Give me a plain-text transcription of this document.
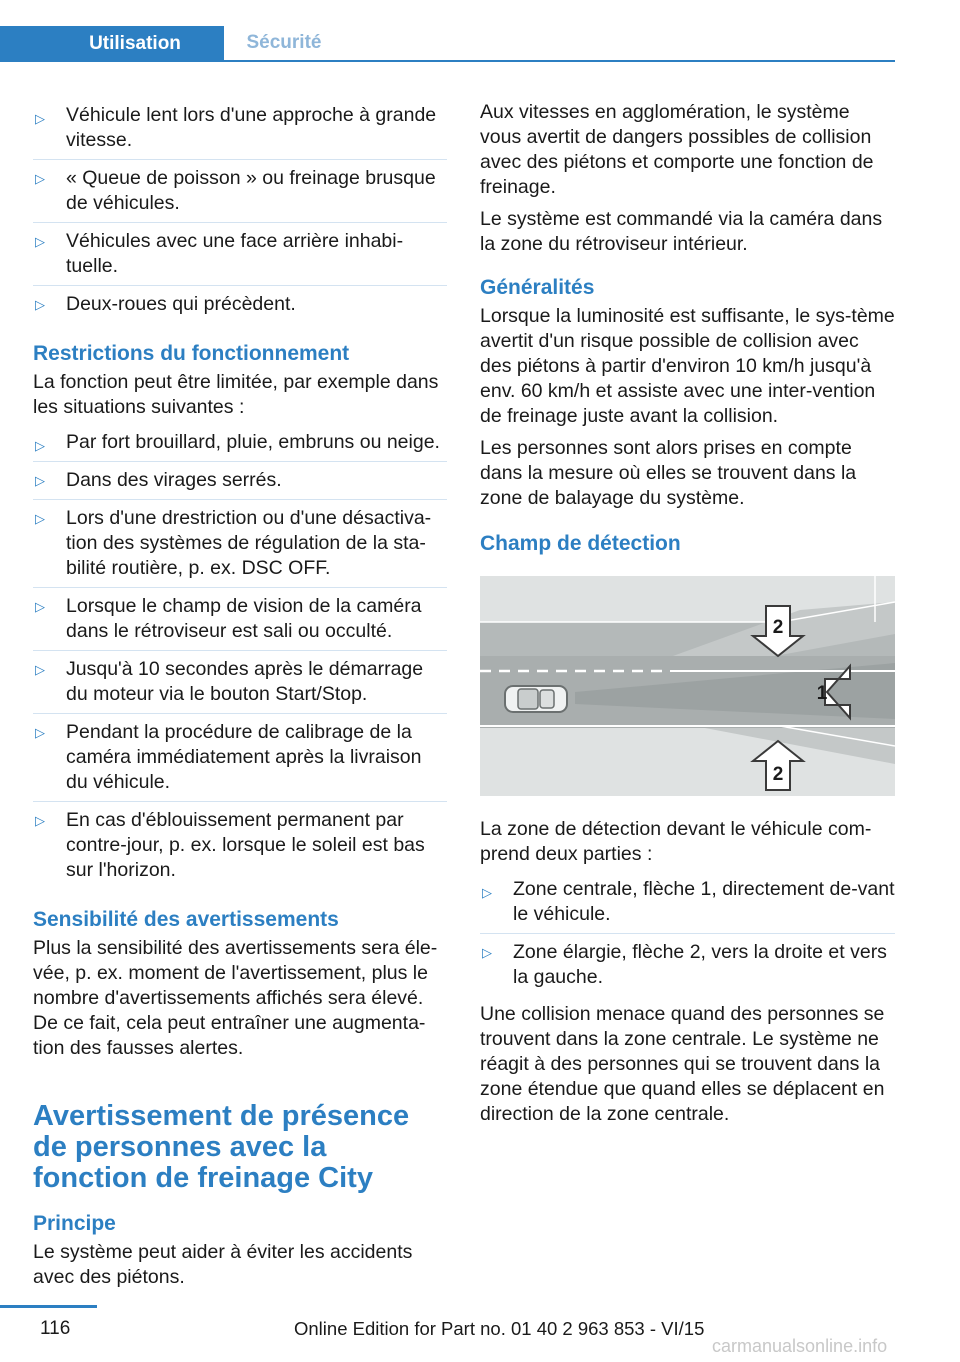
Utilisation	Sécurité
▷ Véhicule lent lors d'une approche à grande vitesse.
▷ « Queue de poisson » ou freinage brusque de véhicules.
▷ Véhicules avec une face arrière inhabi-tuelle.
▷ Deux-roues qui précèdent.
Restrictions du fonctionnement

La fonction peut être limitée, par exemple dans les situations suivantes :

▷ Par fort brouillard, pluie, embruns ou neige.
▷ Dans des virages serrés.
▷ Lors d'une drestriction ou d'une désactiva-tion des systèmes de régulation de la sta-bilité routière, p. ex. DSC OFF.
▷ Lorsque le champ de vision de la caméra dans le rétroviseur est sali ou occulté.
▷ Jusqu'à 10 secondes après le démarrage du moteur via le bouton Start/Stop.
▷ Pendant la procédure de calibrage de la caméra immédiatement après la livraison du véhicule.
▷ En cas d'éblouissement permanent par contre-jour, p. ex. lorsque le soleil est bas sur l'horizon.
Sensibilité des avertissements

Plus la sensibilité des avertissements sera éle-vée, p. ex. moment de l'avertissement, plus le nombre d'avertissements affichés sera élevé. De ce fait, cela peut entraîner une augmenta-tion des fausses alertes.

Avertissement de présence de personnes avec la fonction de freinage City
Principe

Le système peut aider à éviter les accidents avec des piétons.

Aux vitesses en agglomération, le système vous avertit de dangers possibles de collision avec des piétons et comporte une fonction de freinage.

Le système est commandé via la caméra dans la zone du rétroviseur intérieur.

Généralités

Lorsque la luminosité est suffisante, le sys-tème avertit d'un risque possible de collision avec des piétons à partir d'environ 10 km/h jusqu'à env. 60 km/h et assiste avec une inter-vention de freinage juste avant la collision.

Les personnes sont alors prises en compte dans la mesure où elles se trouvent dans la zone de balayage du système.

Champ de détection
2
1
2

La zone de détection devant le véhicule com-prend deux parties :

▷ Zone centrale, flèche 1, directement de-vant le véhicule.
▷ Zone élargie, flèche 2, vers la droite et vers la gauche.

Une collision menace quand des personnes se trouvent dans la zone centrale. Le système ne réagit à des personnes qui se trouvent dans la zone étendue que quand elles se déplacent en direction de la zone centrale.

116	Online Edition for Part no. 01 40 2 963 853 - VI/15
carmanualsonline.info
